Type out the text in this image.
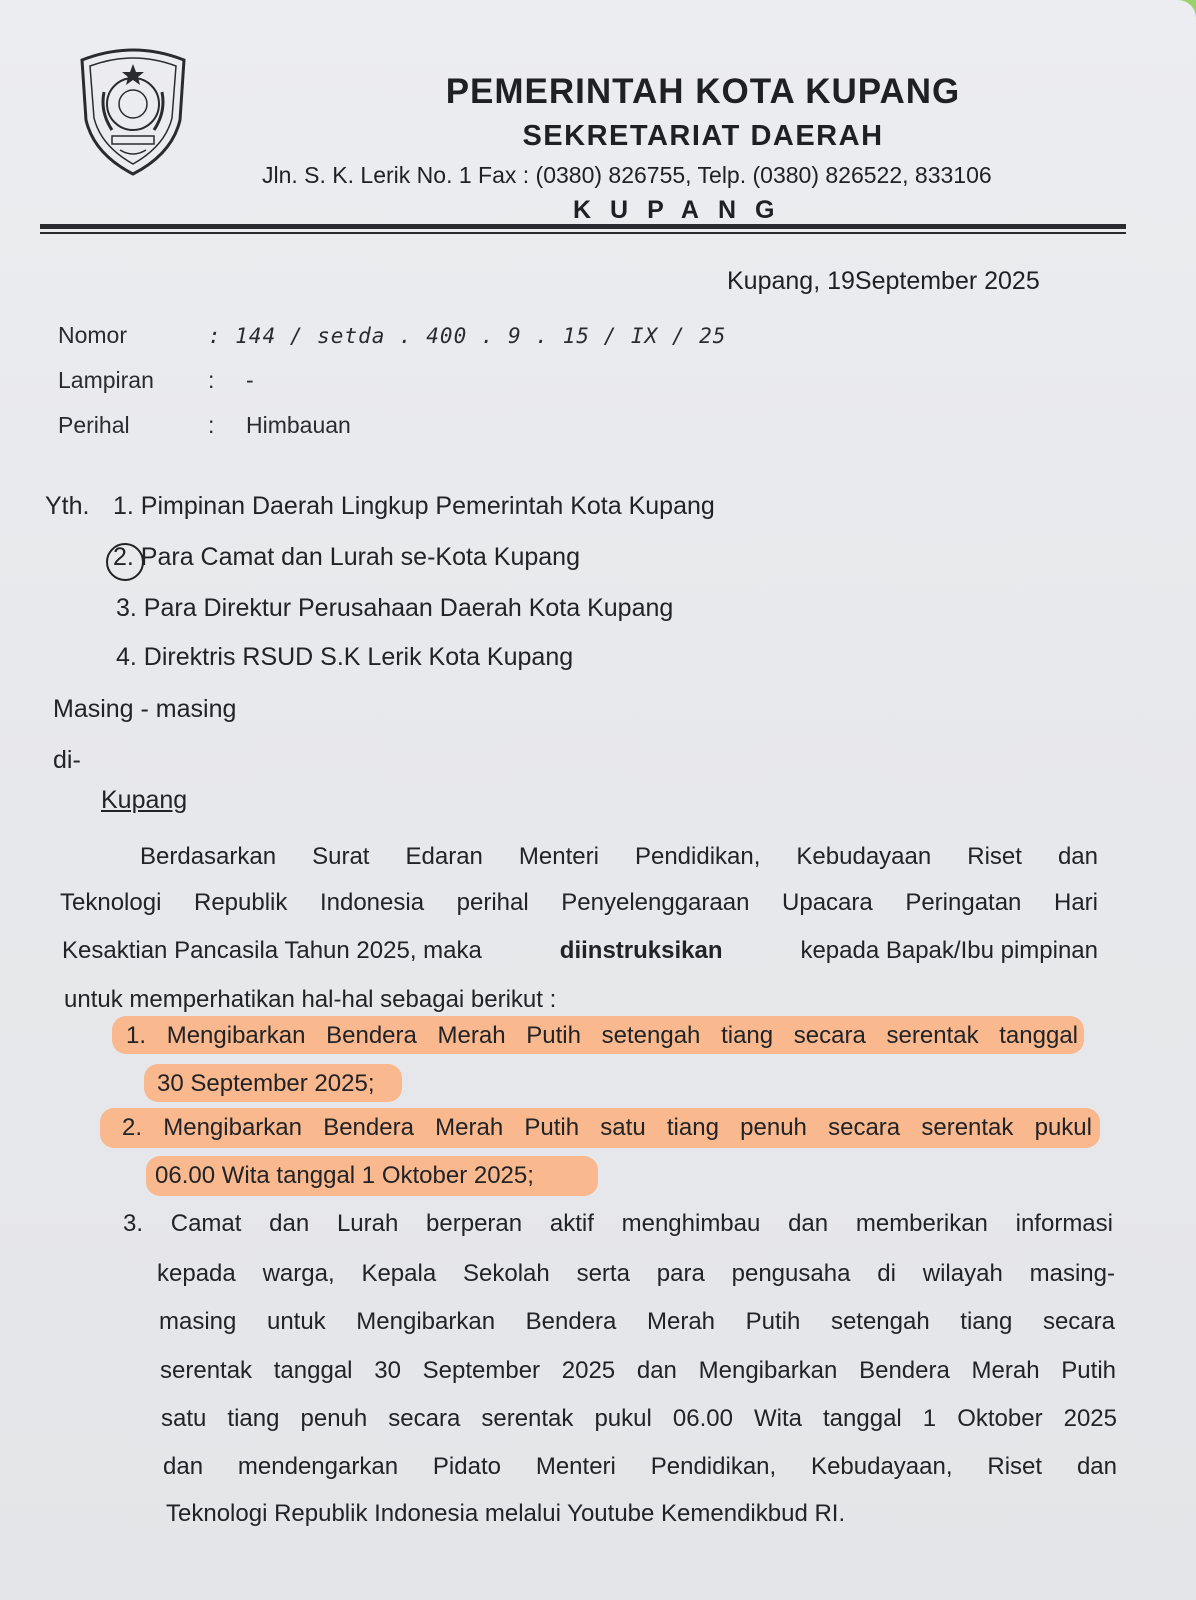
PEMERINTAH KOTA KUPANG
SEKRETARIAT DAERAH
Jln. S. K. Lerik No. 1 Fax : (0380) 826755, Telp. (0380) 826522, 833106
KUPANG
Kupang, 19September 2025
Nomor	: 144 / setda . 400 . 9 . 15 / IX / 25
Lampiran : -
Perihal	: Himbauan
Yth. 1. Pimpinan Daerah Lingkup Pemerintah Kota Kupang
2. Para Camat dan Lurah se-Kota Kupang
3. Para Direktur Perusahaan Daerah Kota Kupang
4. Direktris RSUD S.K Lerik Kota Kupang
Masing - masing
di-
Kupang
Berdasarkan Surat Edaran Menteri Pendidikan, Kebudayaan Riset dan
Teknologi Republik Indonesia perihal Penyelenggaraan Upacara Peringatan Hari
Kesaktian Pancasila Tahun 2025, maka	diinstruksikan	kepada Bapak/Ibu pimpinan
untuk memperhatikan hal-hal sebagai berikut :
1. Mengibarkan Bendera Merah Putih setengah tiang secara serentak tanggal
30 September 2025;
2. Mengibarkan Bendera Merah Putih satu tiang penuh secara serentak pukul
06.00 Wita tanggal 1 Oktober 2025;
3. Camat dan Lurah berperan aktif menghimbau dan memberikan informasi
kepada warga, Kepala Sekolah serta para pengusaha di wilayah masing-
masing untuk Mengibarkan Bendera Merah Putih setengah tiang secara
serentak tanggal 30 September 2025 dan Mengibarkan Bendera Merah Putih
satu tiang penuh secara serentak pukul 06.00 Wita tanggal 1 Oktober 2025
dan mendengarkan Pidato Menteri Pendidikan, Kebudayaan, Riset dan
Teknologi Republik Indonesia melalui Youtube Kemendikbud RI.
